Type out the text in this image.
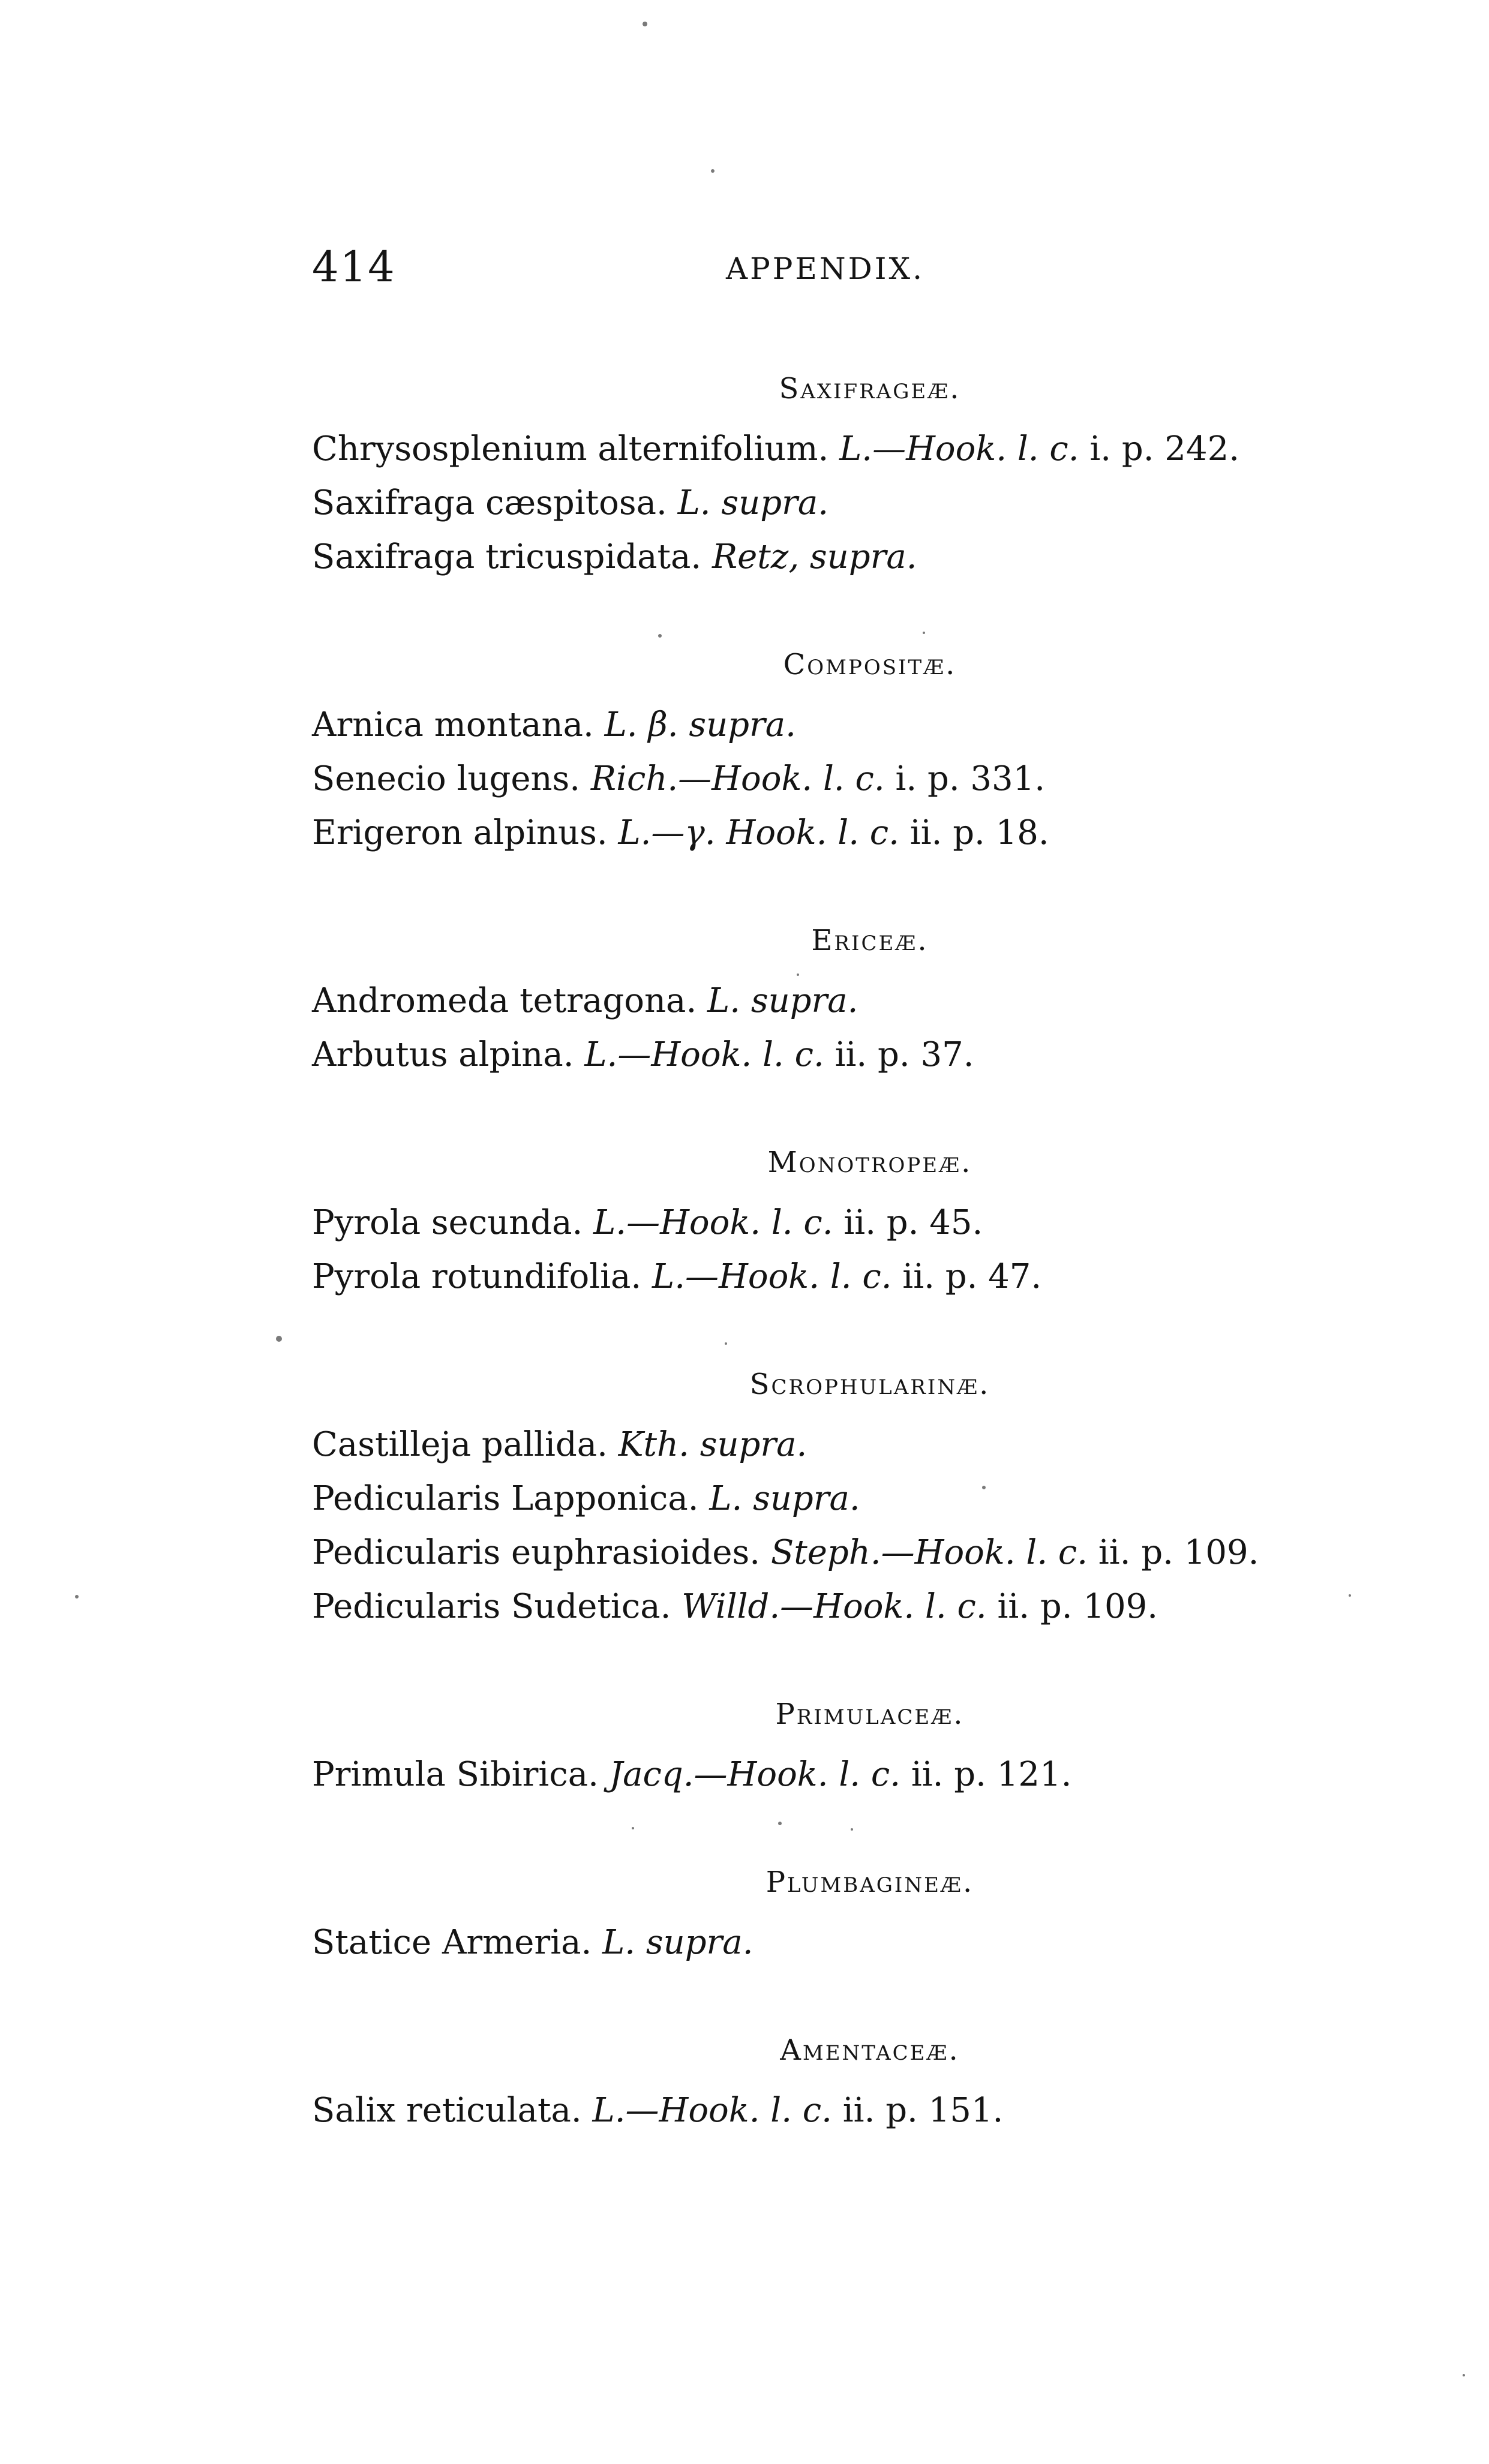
414	APPENDIX.
Saxifrageæ.
Chrysosplenium alternifolium. L.—Hook. l. c. i. p. 242.
Saxifraga cæspitosa. L. supra.
Saxifraga tricuspidata. Retz, supra.
Compositæ.
Arnica montana. L. β. supra.
Senecio lugens. Rich.—Hook. l. c. i. p. 331.
Erigeron alpinus. L.—γ. Hook. l. c. ii. p. 18.
Ericeæ.
Andromeda tetragona. L. supra.
Arbutus alpina. L.—Hook. l. c. ii. p. 37.
Monotropeæ.
Pyrola secunda. L.—Hook. l. c. ii. p. 45.
Pyrola rotundifolia. L.—Hook. l. c. ii. p. 47.
Scrophularinæ.
Castilleja pallida. Kth. supra.
Pedicularis Lapponica. L. supra.
Pedicularis euphrasioides. Steph.—Hook. l. c. ii. p. 109.
Pedicularis Sudetica. Willd.—Hook. l. c. ii. p. 109.
Primulaceæ.
Primula Sibirica. Jacq.—Hook. l. c. ii. p. 121.
Plumbagineæ.
Statice Armeria. L. supra.
Amentaceæ.
Salix reticulata. L.—Hook. l. c. ii. p. 151.
